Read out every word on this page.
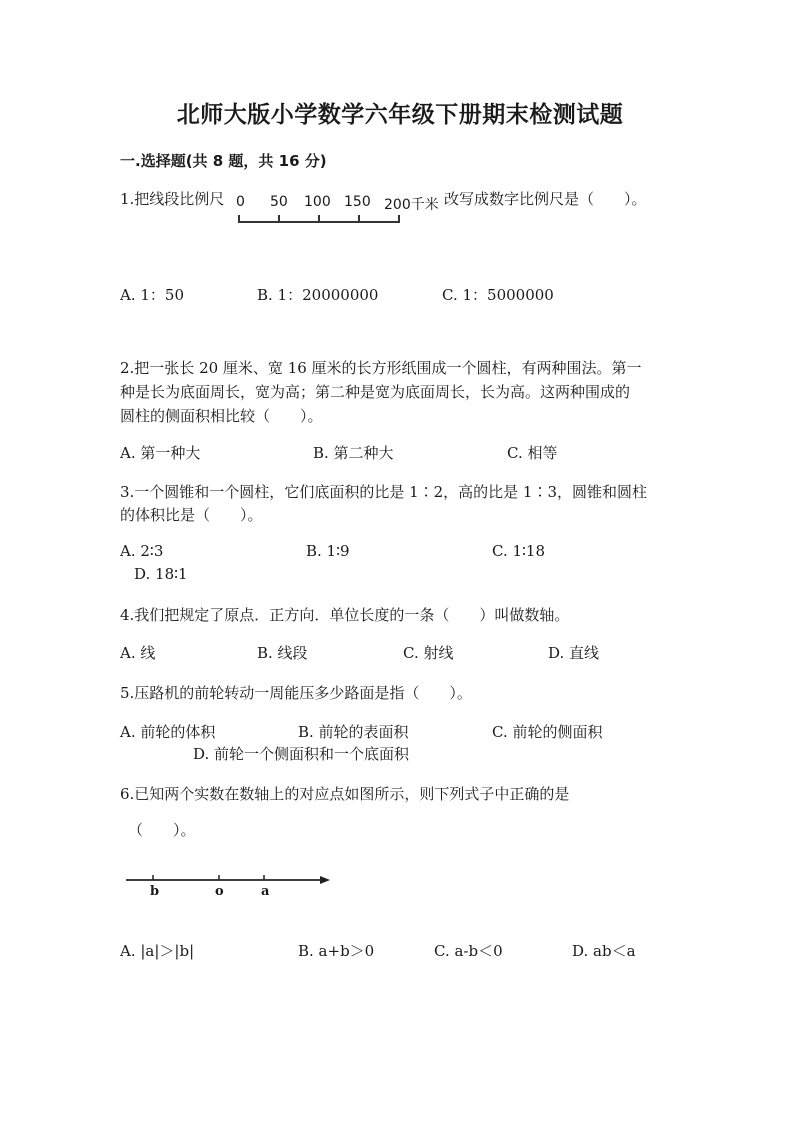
北师大版小学数学六年级下册期末检测试题
一.选择题(共 8 题，共 16 分)
1.把线段比例尺 0 50 100 150 200千米 改写成数字比例尺是（　　）。
A. 1：50	B. 1：20000000	C. 1：5000000
2.把一张长 20 厘米、宽 16 厘米的长方形纸围成一个圆柱，有两种围法。第一
种是长为底面周长，宽为高；第二种是宽为底面周长，长为高。这两种围成的
圆柱的侧面积相比较（　　）。
A. 第一种大	B. 第二种大	C. 相等
3.一个圆锥和一个圆柱，它们底面积的比是 1∶2，高的比是 1∶3，圆锥和圆柱
的体积比是（　　）。
A. 2∶3	B. 1∶9	C. 1∶18
D. 18∶1
4.我们把规定了原点．正方向．单位长度的一条（　　）叫做数轴。
A. 线	B. 线段	C. 射线	D. 直线
5.压路机的前轮转动一周能压多少路面是指（　　）。
A. 前轮的体积	B. 前轮的表面积	C. 前轮的侧面积
D. 前轮一个侧面积和一个底面积
6.已知两个实数在数轴上的对应点如图所示，则下列式子中正确的是
（　　）。
b	o	a
A. |a|＞|b|	B. a+b＞0	C. a-b＜0	D. ab＜a
